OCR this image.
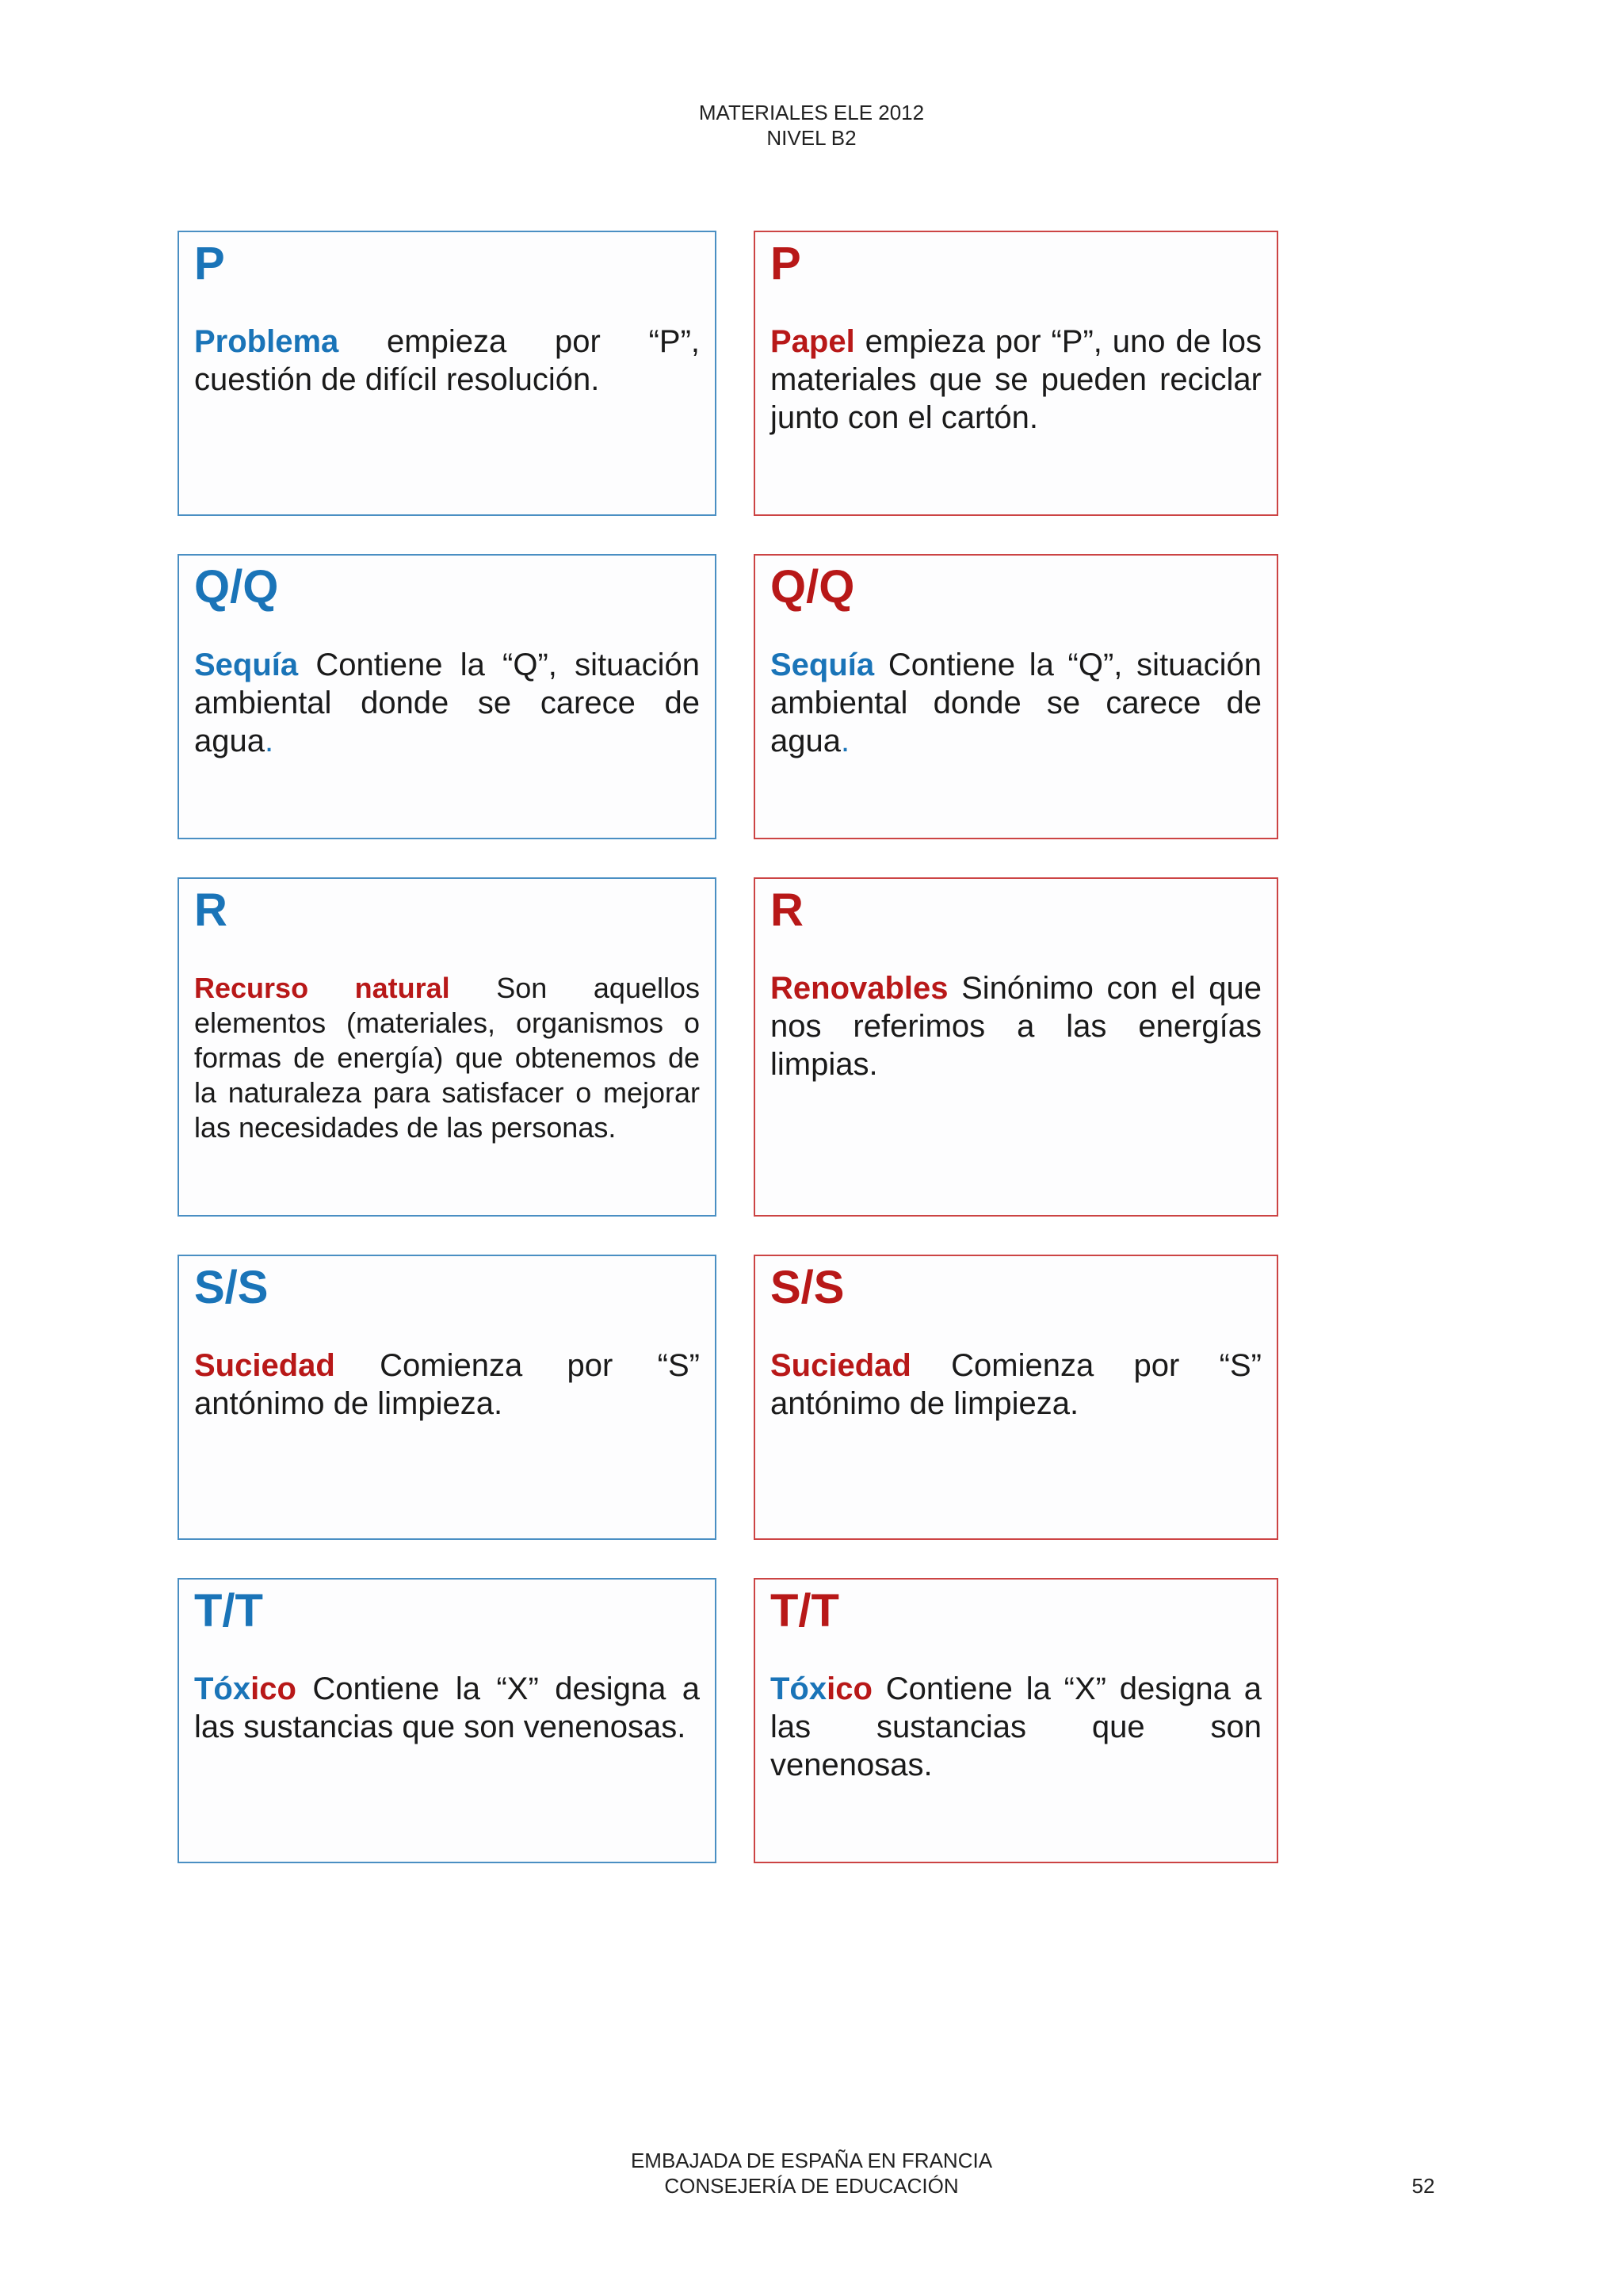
MATERIALES ELE 2012
NIVEL B2
P
Problema empieza por “P”, cuestión de difícil resolución.
P
Papel empieza por “P”, uno de los materiales que se pueden reciclar junto con el cartón.
Q/Q
Sequía Contiene la “Q”, situación ambiental donde se carece de agua.
Q/Q
Sequía Contiene la “Q”, situación ambiental donde se carece de agua.
R
Recurso natural Son aquellos elementos (materiales, organismos o formas de energía) que obtenemos de la naturaleza para satisfacer o mejorar las necesidades de las personas.
R
Renovables Sinónimo con el que nos referimos a las energías limpias.
S/S
Suciedad Comienza por “S” antónimo de limpieza.
S/S
Suciedad Comienza por “S” antónimo de limpieza.
T/T
Tóxico Contiene la “X” designa a las sustancias que son venenosas.
T/T
Tóxico Contiene la “X” designa a las sustancias que son venenosas.
EMBAJADA DE ESPAÑA EN FRANCIA
CONSEJERÍA DE EDUCACIÓN	52
